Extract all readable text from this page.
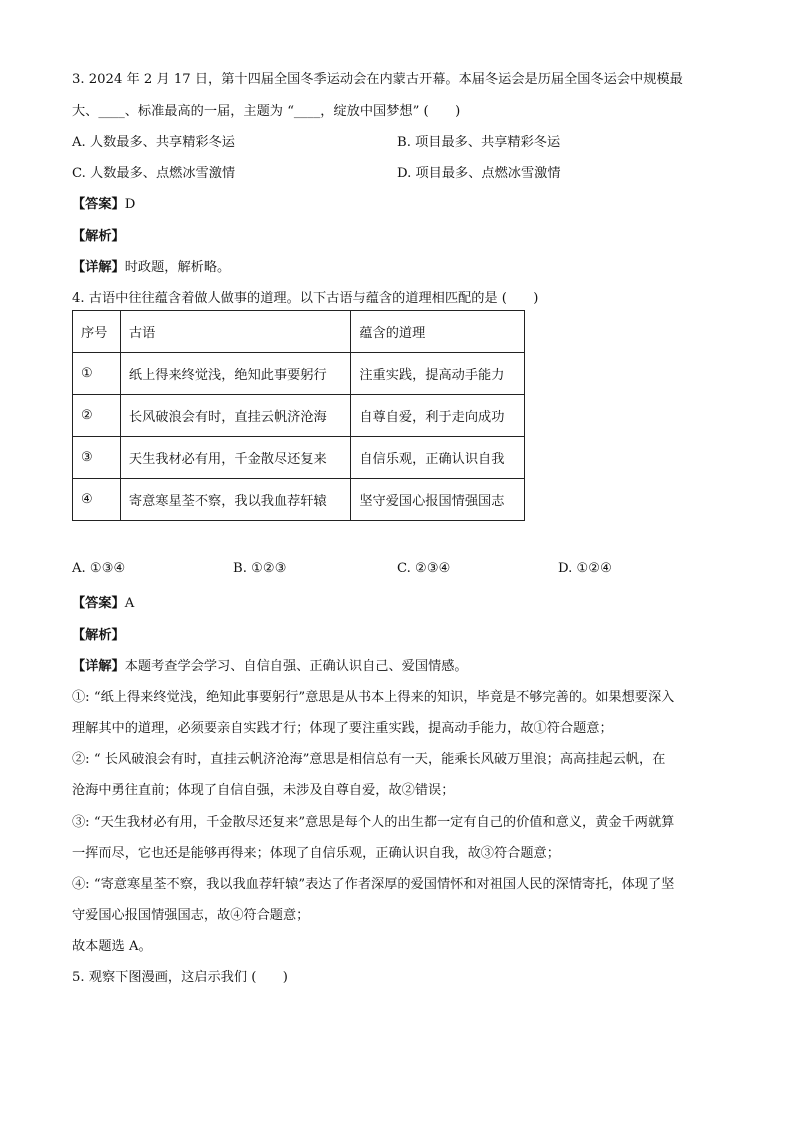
3. 2024 年 2 月 17 日，第十四届全国冬季运动会在内蒙古开幕。本届冬运会是历届全国冬运会中规模最
大、____、标准最高的一届，主题为 “____，绽放中国梦想” (　　)
A. 人数最多、共享精彩冬运	B. 项目最多、共享精彩冬运
C. 人数最多、点燃冰雪激情	D. 项目最多、点燃冰雪激情
【答案】D
【解析】
【详解】时政题，解析略。
4. 古语中往往蕴含着做人做事的道理。以下古语与蕴含的道理相匹配的是 (　　)
序号	古语	蕴含的道理
①	纸上得来终觉浅，绝知此事要躬行	注重实践，提高动手能力
②	长风破浪会有时，直挂云帆济沧海	自尊自爱，利于走向成功
③	天生我材必有用，千金散尽还复来	自信乐观，正确认识自我
④	寄意寒星荃不察，我以我血荐轩辕	坚守爱国心报国情强国志
A. ①③④	B. ①②③	C. ②③④	D. ①②④
【答案】A
【解析】
【详解】本题考查学会学习、自信自强、正确认识自己、爱国情感。
①: “纸上得来终觉浅，绝知此事要躬行”意思是从书本上得来的知识，毕竟是不够完善的。如果想要深入
理解其中的道理，必须要亲自实践才行；体现了要注重实践，提高动手能力，故①符合题意；
②: “ 长风破浪会有时，直挂云帆济沧海”意思是相信总有一天，能乘长风破万里浪；高高挂起云帆，在
沧海中勇往直前；体现了自信自强，未涉及自尊自爱，故②错误；
③: “天生我材必有用，千金散尽还复来”意思是每个人的出生都一定有自己的价值和意义，黄金千两就算
一挥而尽，它也还是能够再得来；体现了自信乐观，正确认识自我，故③符合题意；
④: “寄意寒星荃不察，我以我血荐轩辕”表达了作者深厚的爱国情怀和对祖国人民的深情寄托，体现了坚
守爱国心报国情强国志，故④符合题意；
故本题选 A。
5. 观察下图漫画，这启示我们 (　　)
